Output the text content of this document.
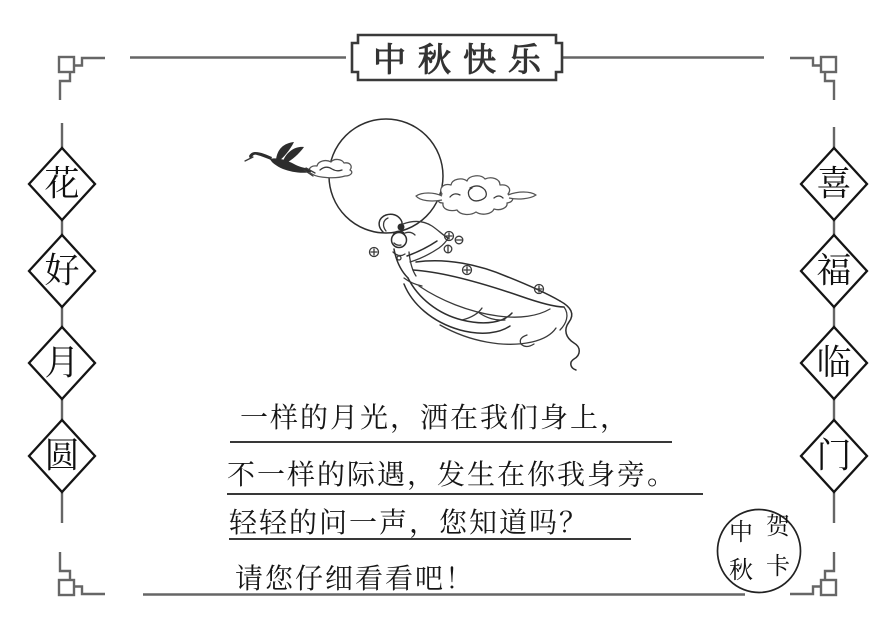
中秋快乐
花
好
月
圆
喜
福
临
门
一样的月光，洒在我们身上，
不一样的际遇，发生在你我身旁。
轻轻的问一声，您知道吗？
请您仔细看看吧！
中 贺
秋 卡
